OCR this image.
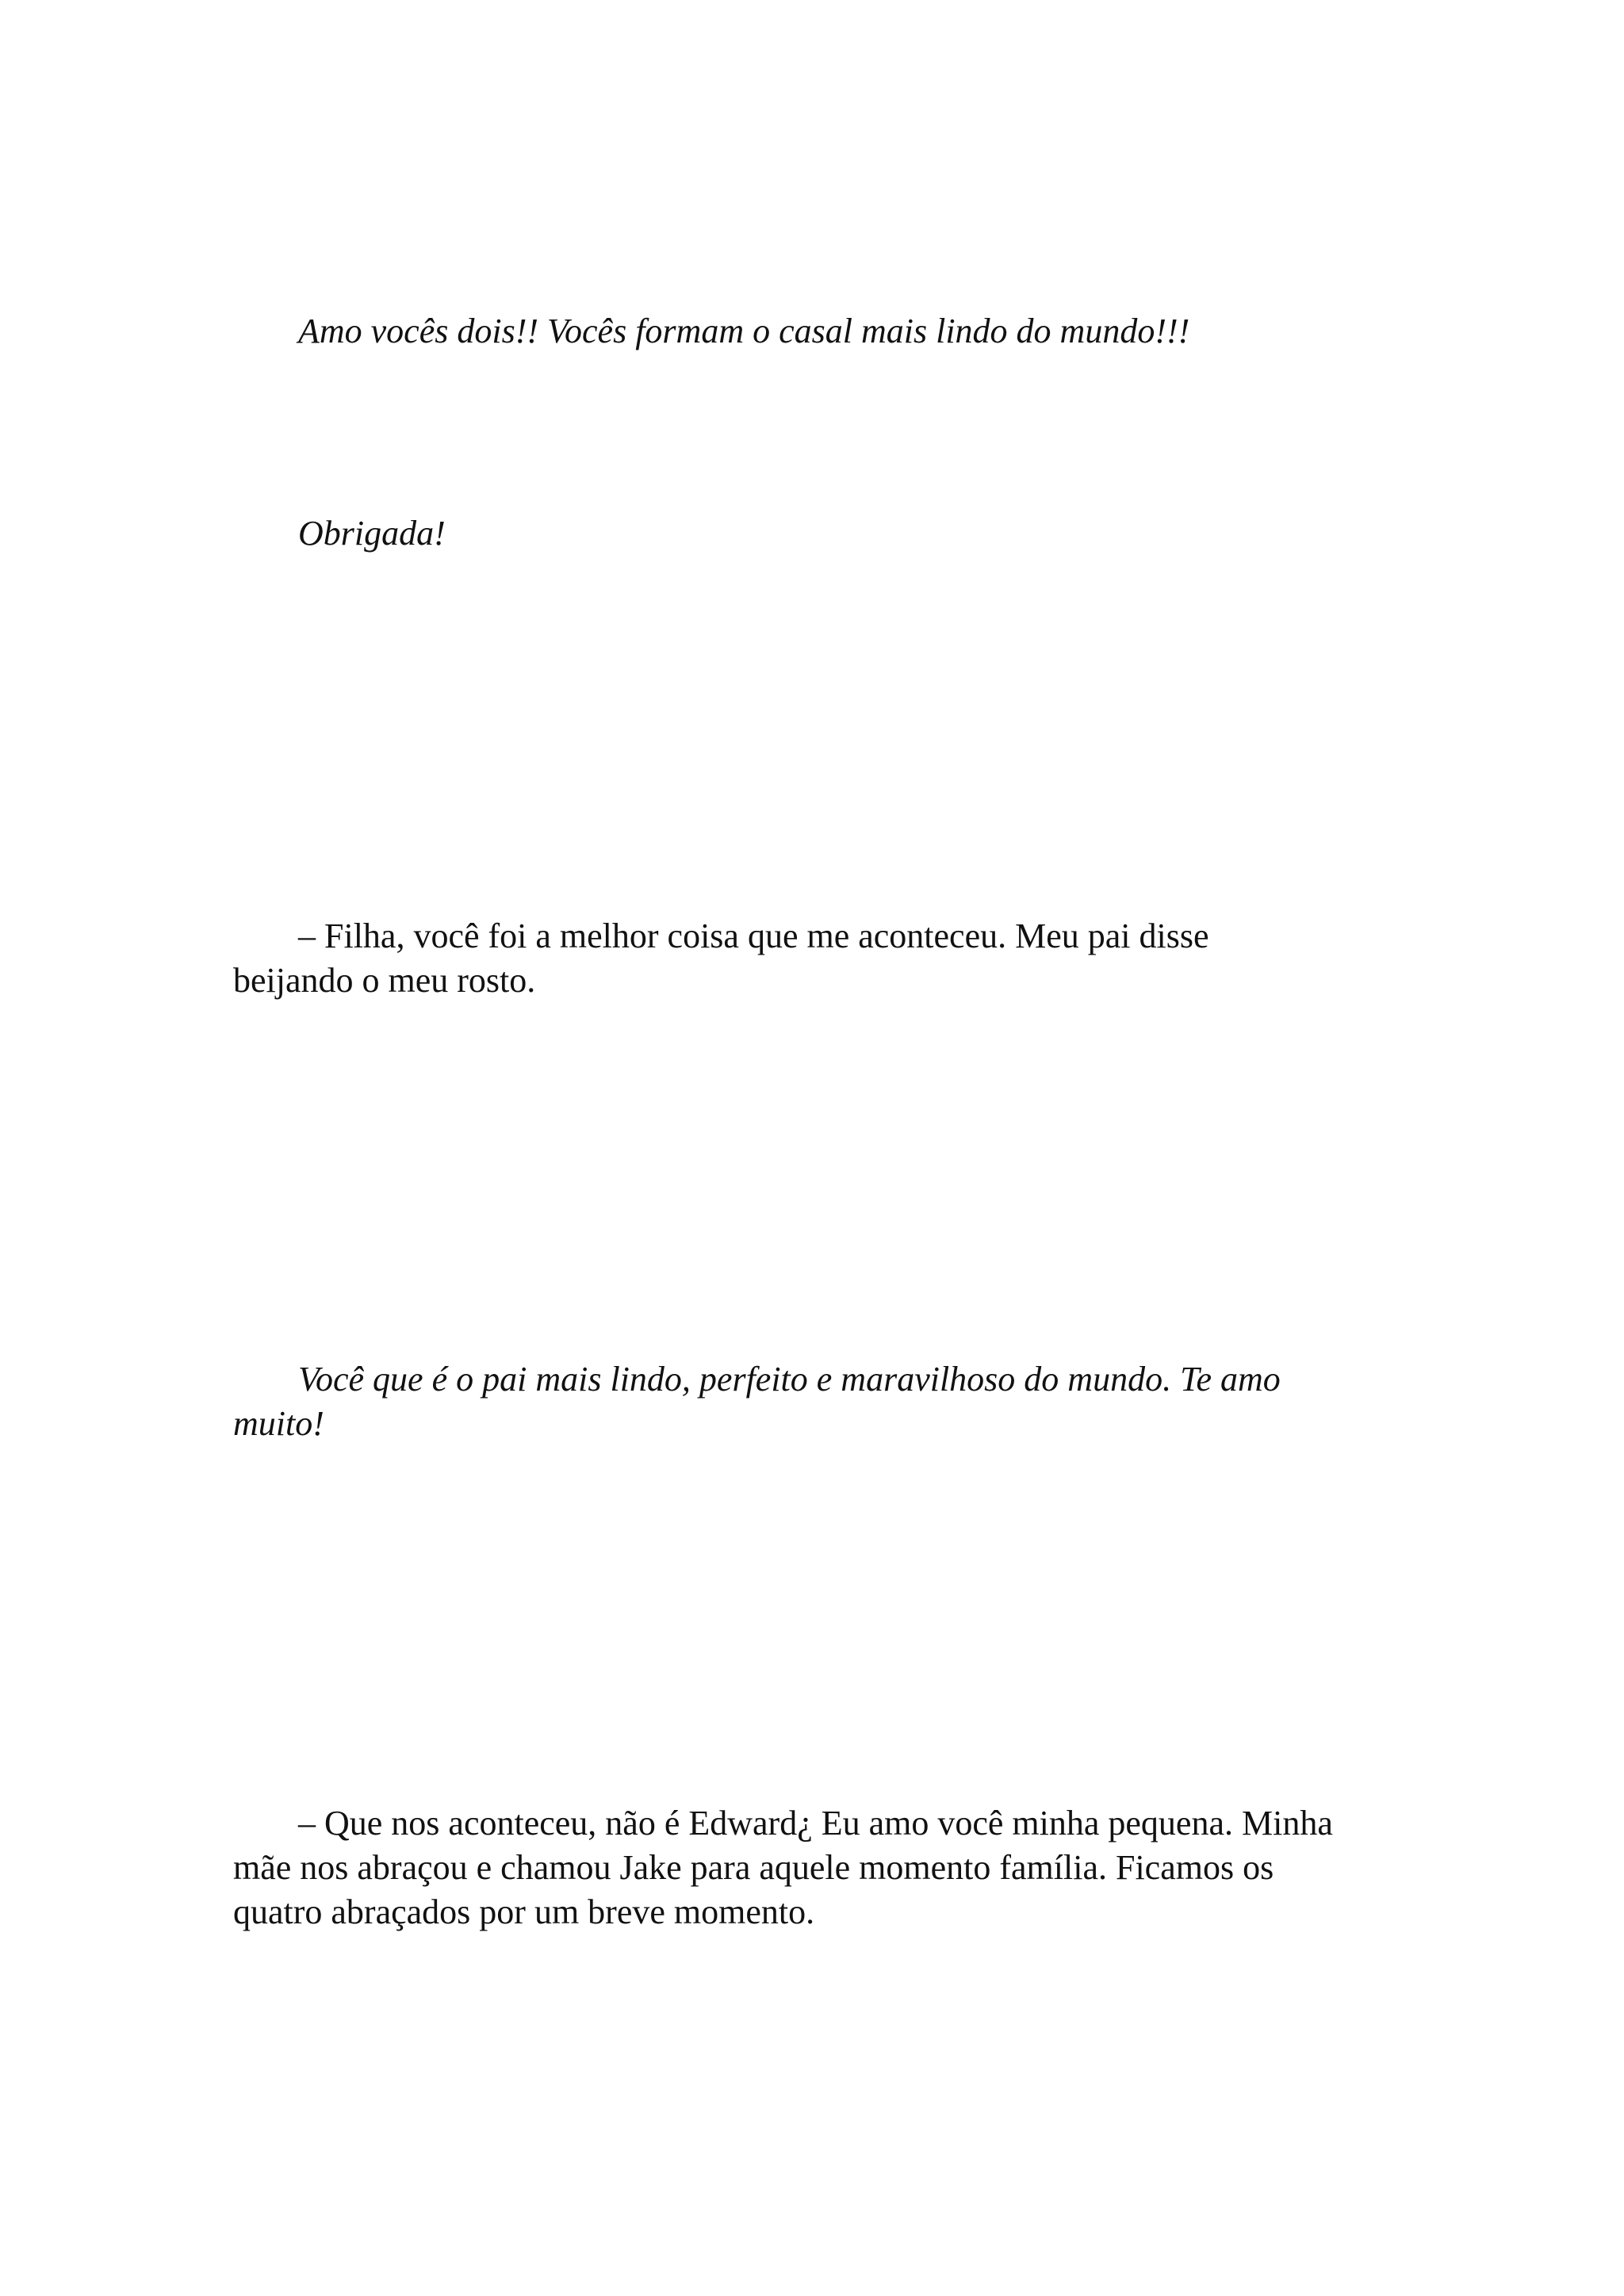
Amo vocês dois!! Vocês formam o casal mais lindo do mundo!!!

Obrigada!

– Filha, você foi a melhor coisa que me aconteceu. Meu pai disse
beijando o meu rosto.

Você que é o pai mais lindo, perfeito e maravilhoso do mundo. Te amo
muito!

– Que nos aconteceu, não é Edward¿ Eu amo você minha pequena. Minha
mãe nos abraçou e chamou Jake para aquele momento família. Ficamos os
quatro abraçados por um breve momento.
